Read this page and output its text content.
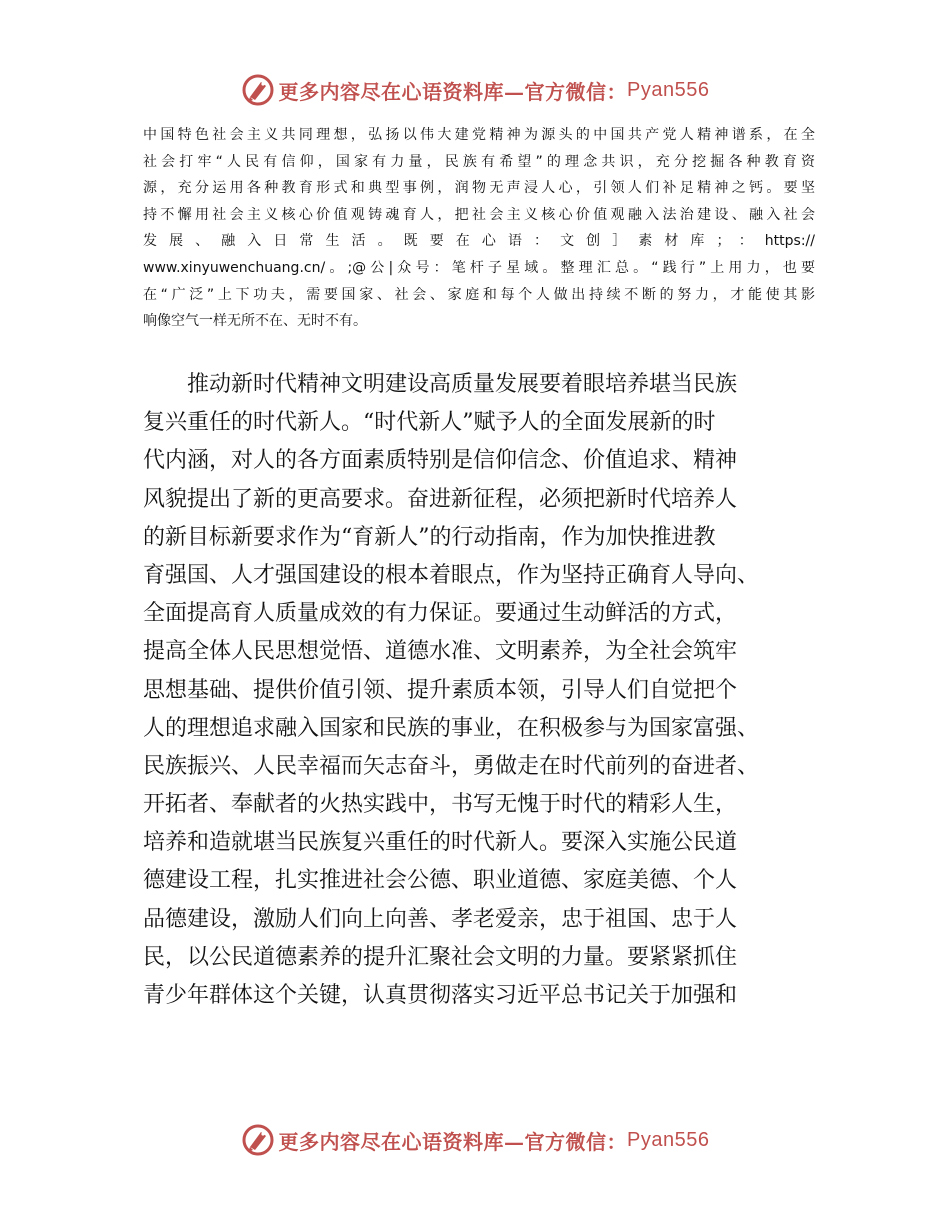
更多内容尽在心语资料库—官方微信： Pyan556
中国特色社会主义共同理想，弘扬以伟大建党精神为源头的中国共产党人精神谱系，在全
社会打牢“人民有信仰，国家有力量，民族有希望”的理念共识，充分挖掘各种教育资
源，充分运用各种教育形式和典型事例，润物无声浸人心，引领人们补足精神之钙。要坚
持不懈用社会主义核心价值观铸魂育人，把社会主义核心价值观融入法治建设、融入社会
发 展 、 融 入 日 常 生 活 。 既 要 在 心 语 ： 文 创 ］ 素 材 库 ； ： https://
www.xinyuwenchuang.cn/。;@公|众号：笔杆子星域。整理汇总。“践行”上用力，也要
在“广泛”上下功夫，需要国家、社会、家庭和每个人做出持续不断的努力，才能使其影
响像空气一样无所不在、无时不有。
推动新时代精神文明建设高质量发展要着眼培养堪当民族
复兴重任的时代新人。“时代新人”赋予人的全面发展新的时
代内涵，对人的各方面素质特别是信仰信念、价值追求、精神
风貌提出了新的更高要求。奋进新征程，必须把新时代培养人
的新目标新要求作为“育新人”的行动指南，作为加快推进教
育强国、人才强国建设的根本着眼点，作为坚持正确育人导向、
全面提高育人质量成效的有力保证。要通过生动鲜活的方式，
提高全体人民思想觉悟、道德水准、文明素养，为全社会筑牢
思想基础、提供价值引领、提升素质本领，引导人们自觉把个
人的理想追求融入国家和民族的事业，在积极参与为国家富强、
民族振兴、人民幸福而矢志奋斗，勇做走在时代前列的奋进者、
开拓者、奉献者的火热实践中，书写无愧于时代的精彩人生，
培养和造就堪当民族复兴重任的时代新人。要深入实施公民道
德建设工程，扎实推进社会公德、职业道德、家庭美德、个人
品德建设，激励人们向上向善、孝老爱亲，忠于祖国、忠于人
民，以公民道德素养的提升汇聚社会文明的力量。要紧紧抓住
青少年群体这个关键，认真贯彻落实习近平总书记关于加强和
更多内容尽在心语资料库—官方微信： Pyan556
